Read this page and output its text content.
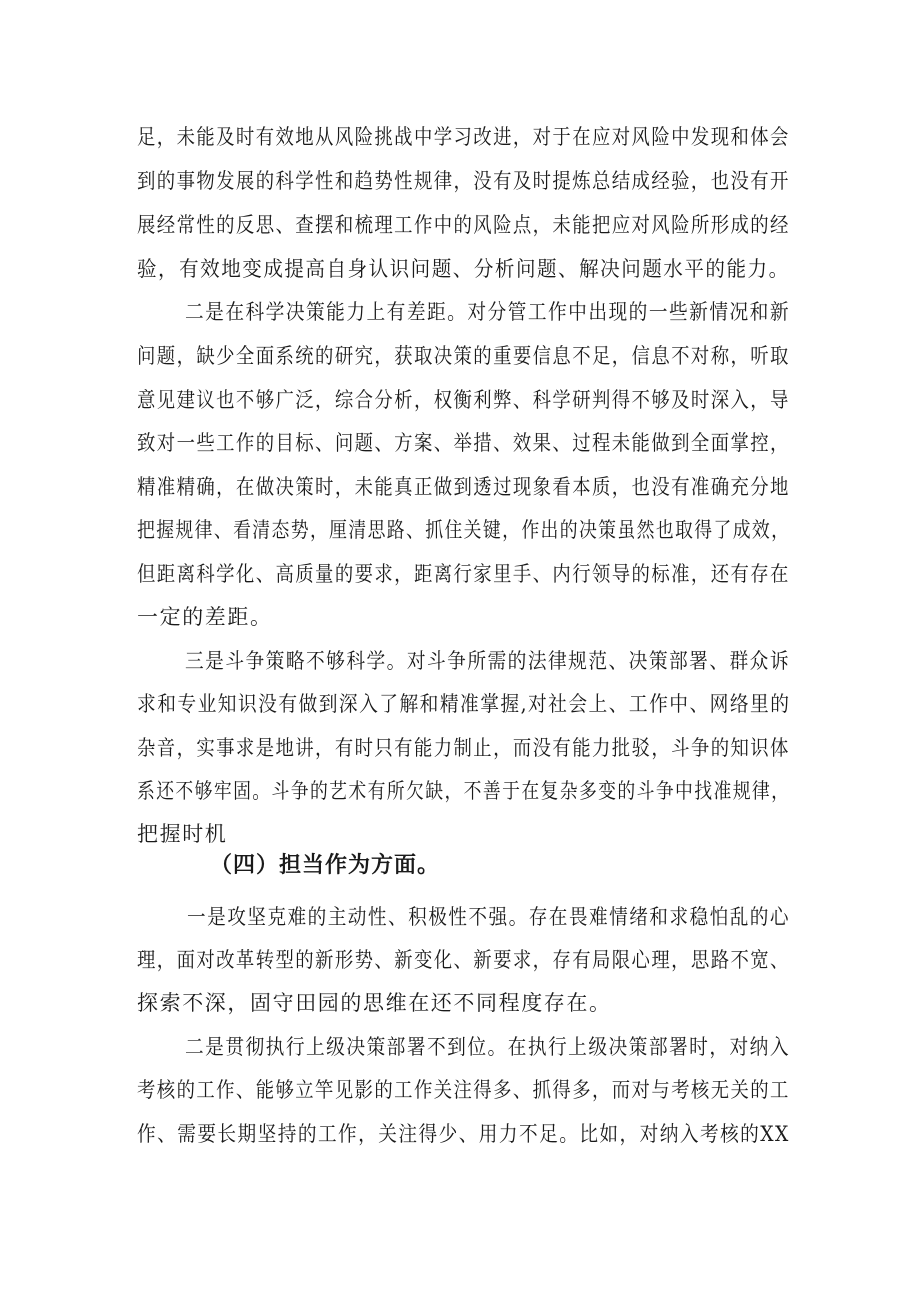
足，未能及时有效地从风险挑战中学习改进，对于在应对风险中发现和体会
到的事物发展的科学性和趋势性规律，没有及时提炼总结成经验，也没有开
展经常性的反思、查摆和梳理工作中的风险点，未能把应对风险所形成的经
验，有效地变成提高自身认识问题、分析问题、解决问题水平的能力。
二是在科学决策能力上有差距。对分管工作中出现的一些新情况和新
问题，缺少全面系统的研究，获取决策的重要信息不足，信息不对称，听取
意见建议也不够广泛，综合分析，权衡利弊、科学研判得不够及时深入，导
致对一些工作的目标、问题、方案、举措、效果、过程未能做到全面掌控，
精准精确，在做决策时，未能真正做到透过现象看本质，也没有准确充分地
把握规律、看清态势，厘清思路、抓住关键，作出的决策虽然也取得了成效，
但距离科学化、高质量的要求，距离行家里手、内行领导的标准，还有存在
一定的差距。
三是斗争策略不够科学。对斗争所需的法律规范、决策部署、群众诉
求和专业知识没有做到深入了解和精准掌握,对社会上、工作中、网络里的
杂音，实事求是地讲，有时只有能力制止，而没有能力批驳，斗争的知识体
系还不够牢固。斗争的艺术有所欠缺，不善于在复杂多变的斗争中找准规律，
把握时机
（四）担当作为方面。
一是攻坚克难的主动性、积极性不强。存在畏难情绪和求稳怕乱的心
理，面对改革转型的新形势、新变化、新要求，存有局限心理，思路不宽、
探索不深，固守田园的思维在还不同程度存在。
二是贯彻执行上级决策部署不到位。在执行上级决策部署时，对纳入
考核的工作、能够立竿见影的工作关注得多、抓得多，而对与考核无关的工
作、需要长期坚持的工作，关注得少、用力不足。比如，对纳入考核的XX
